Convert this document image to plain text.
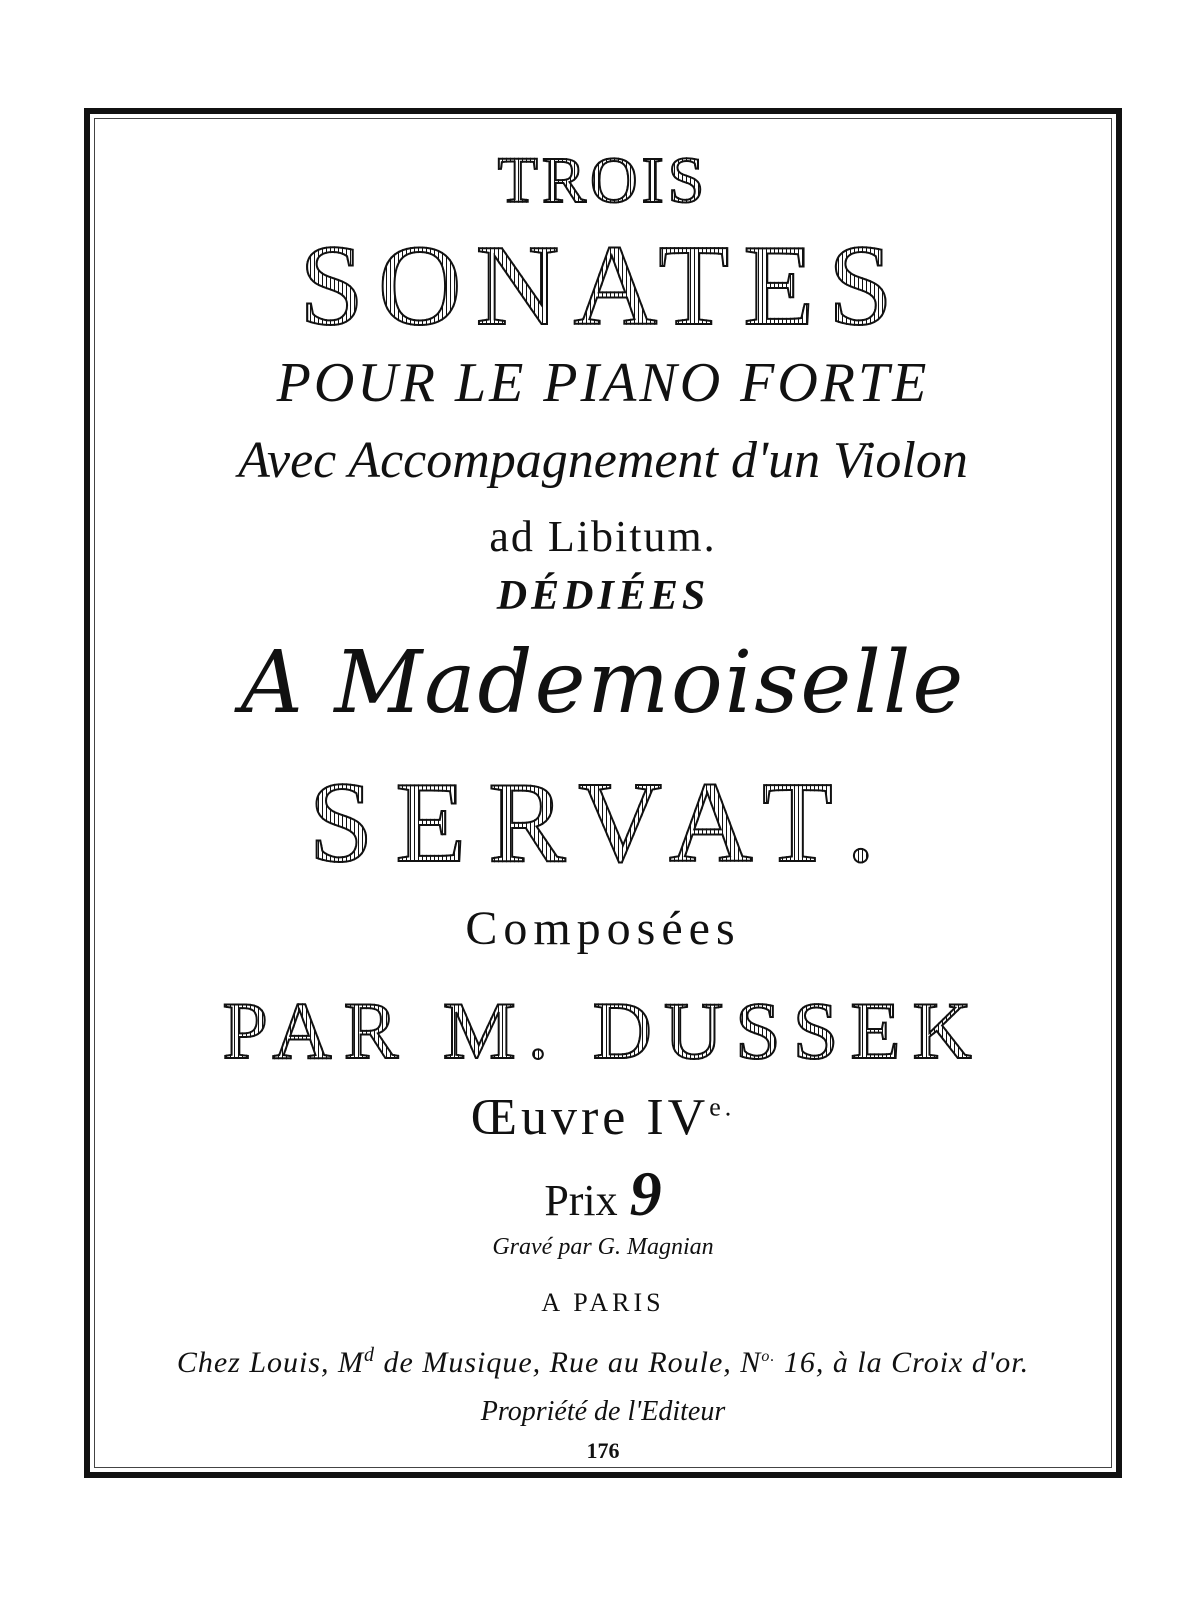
TROIS
SONATES
POUR LE PIANO FORTE
Avec Accompagnement d'un Violon
ad Libitum.
DÉDIÉES
A Mademoiselle
SERVAT.
Composées
PAR M. DUSSEK
Œuvre $IV^{e.}$
Prix 9
Gravé par G. Magnian
A PARIS
Chez Louis, $M^d$ de Musique, Rue au Roule, $N^{o.}$ 16, à la Croix d'or.
Propriété de l'Editeur
176
